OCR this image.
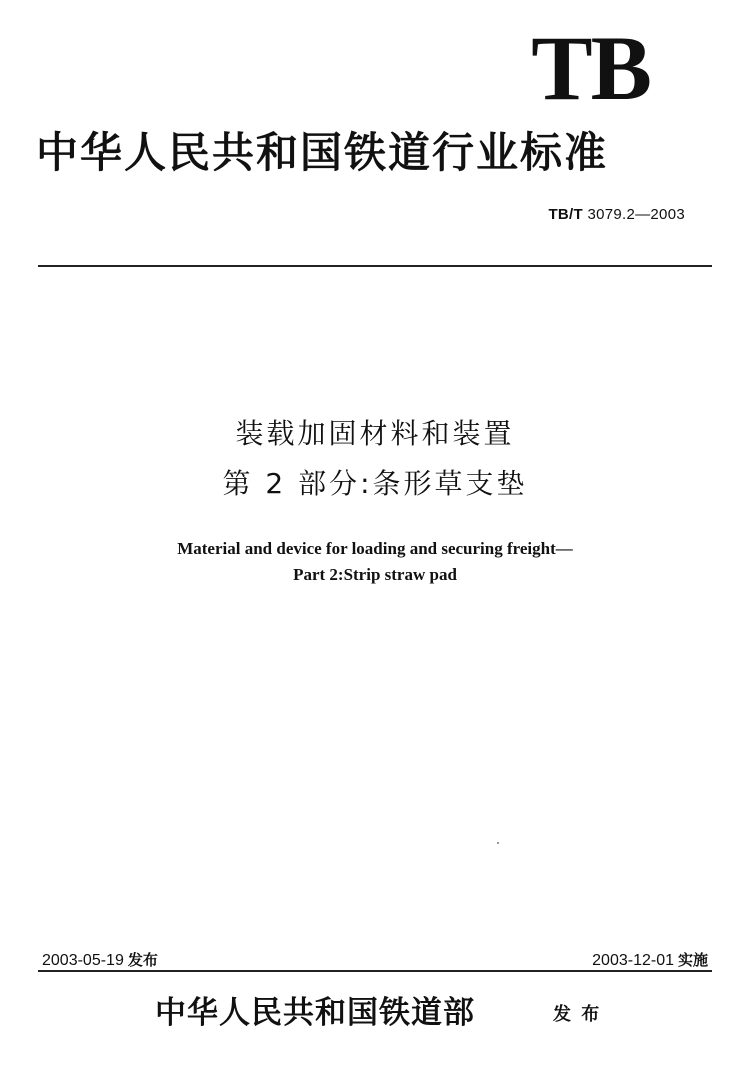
TB
中华人民共和国铁道行业标准
TB/T 3079.2—2003
装载加固材料和装置
第 2 部分:条形草支垫
Material and device for loading and securing freight—
Part 2:Strip straw pad
2003-05-19 发布	2003-12-01 实施
中华人民共和国铁道部	发 布
